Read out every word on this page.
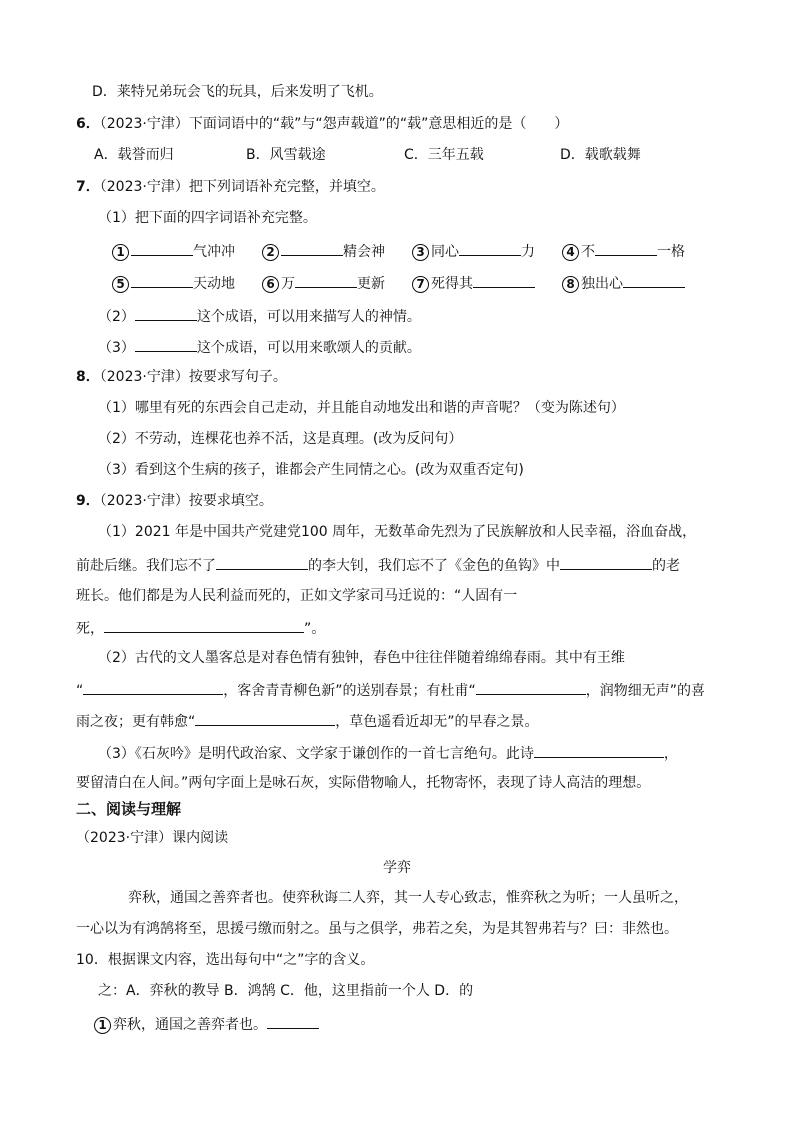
D．莱特兄弟玩会飞的玩具，后来发明了飞机。
6．（2023·宁津）下面词语中的“载”与“怨声载道”的“载”意思相近的是（　　）
A．载誉而归	B．风雪载途	C．三年五载	D．载歌载舞
7．（2023·宁津）把下列词语补充完整，并填空。
（1）把下面的四字词语补充完整。
1	气冲冲	2	精会神	3 同心	力	4 不	一格
5	天动地	6 万	更新	7 死得其	8 独出心
（2）	这个成语，可以用来描写人的神情。
（3）	这个成语，可以用来歌颂人的贡献。
8．（2023·宁津）按要求写句子。
（1）哪里有死的东西会自己走动，并且能自动地发出和谐的声音呢？（变为陈述句）
（2）不劳动，连棵花也养不活，这是真理。(改为反问句）
（3）看到这个生病的孩子，谁都会产生同情之心。(改为双重否定句)
9．（2023·宁津）按要求填空。
（1）2021 年是中国共产党建党100 周年，无数革命先烈为了民族解放和人民幸福，浴血奋战，
前赴后继。我们忘不了	的李大钊，我们忘不了《金色的鱼钩》中	的老
班长。他们都是为人民利益而死的，正如文学家司马迁说的：“人固有一
死，	”。
（2）古代的文人墨客总是对春色情有独钟，春色中往往伴随着绵绵春雨。其中有王维
“	，客舍青青柳色新”的送别春景；有杜甫“	，润物细无声”的喜
雨之夜；更有韩愈“	，草色遥看近却无”的早春之景。
（3）《石灰吟》是明代政治家、文学家于谦创作的一首七言绝句。此诗	，
要留清白在人间。”两句字面上是咏石灰，实际借物喻人，托物寄怀，表现了诗人高洁的理想。
二、阅读与理解
（2023·宁津）课内阅读
学弈
弈秋，通国之善弈者也。使弈秋诲二人弈，其一人专心致志，惟弈秋之为听；一人虽听之，
一心以为有鸿鹄将至，思援弓缴而射之。虽与之俱学，弗若之矣，为是其智弗若与？曰：非然也。
10．根据课文内容，选出每句中“之”字的含义。
之：A．弈秋的教导 B．鸿鹄 C．他，这里指前一个人 D．的
1 弈秋，通国之善弈者也。
